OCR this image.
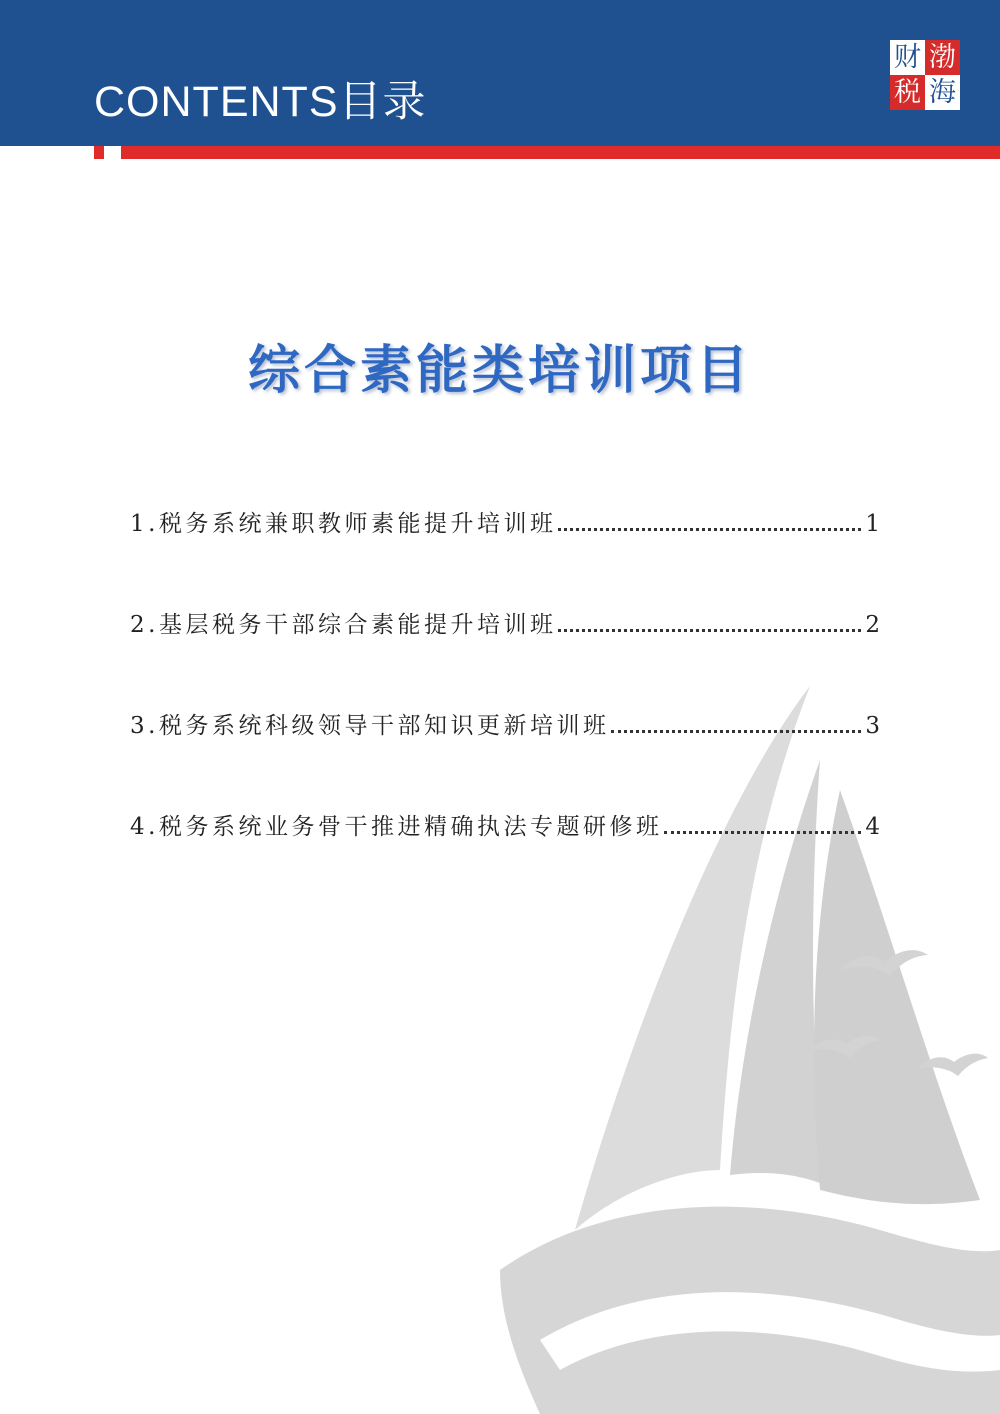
CONTENTS目录
财 渤
税 海
综合素能类培训项目
1.税务系统兼职教师素能提升培训班	1
2.基层税务干部综合素能提升培训班	2
3.税务系统科级领导干部知识更新培训班	3
4.税务系统业务骨干推进精确执法专题研修班	4
